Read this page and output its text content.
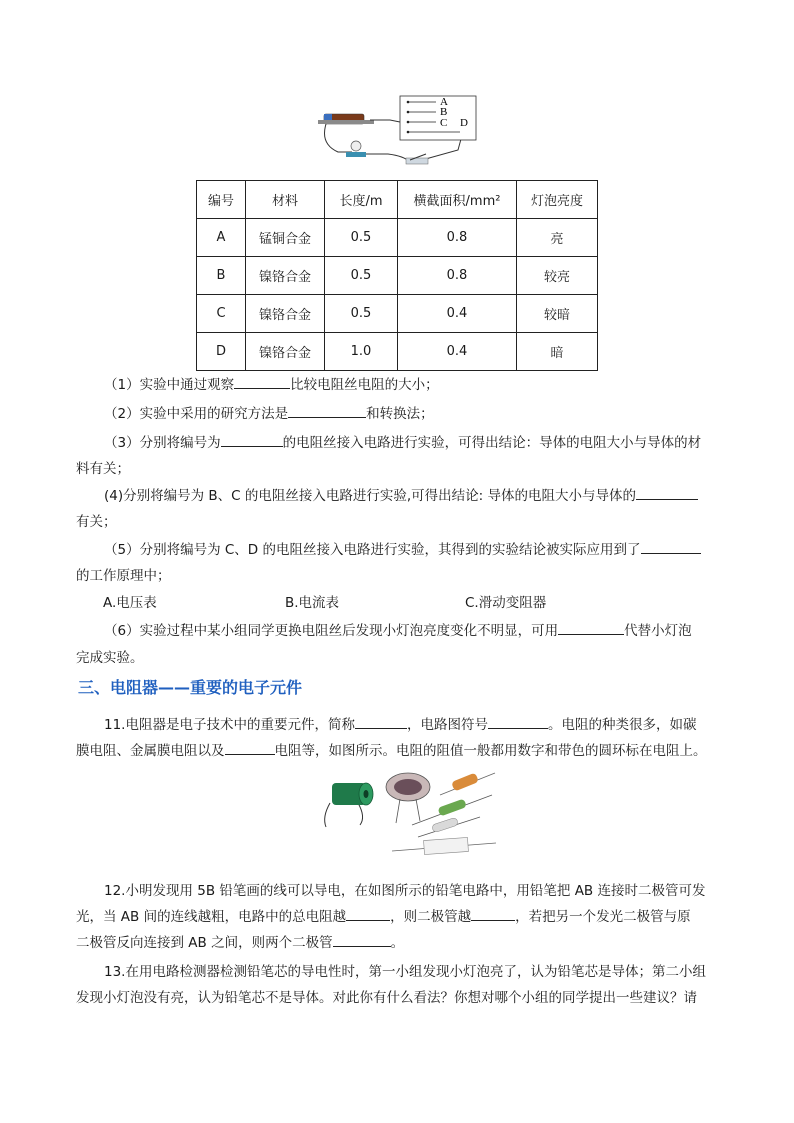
A
B
C D
编号	材料	长度/m	横截面积/mm²	灯泡亮度
A	锰铜合金	0.5	0.8	亮
B	镍铬合金	0.5	0.8	较亮
C	镍铬合金	0.5	0.4	较暗
D	镍铬合金	1.0	0.4	暗
（1）实验中通过观察	比较电阻丝电阻的大小；
（2）实验中采用的研究方法是	和转换法；
（3）分别将编号为	的电阻丝接入电路进行实验，可得出结论：导体的电阻大小与导体的材
料有关；
(4)分别将编号为 B、C 的电阻丝接入电路进行实验,可得出结论: 导体的电阻大小与导体的
有关；
（5）分别将编号为 C、D 的电阻丝接入电路进行实验，其得到的实验结论被实际应用到了
的工作原理中；
A.电压表	B.电流表	C.滑动变阻器
（6）实验过程中某小组同学更换电阻丝后发现小灯泡亮度变化不明显，可用	代替小灯泡
完成实验。
三、电阻器——重要的电子元件
11.电阻器是电子技术中的重要元件，简称	，电路图符号	。电阻的种类很多，如碳
膜电阻、金属膜电阻以及	电阻等，如图所示。电阻的阻值一般都用数字和带色的圆环标在电阻上。
12.小明发现用 5B 铅笔画的线可以导电，在如图所示的铅笔电路中，用铅笔把 AB 连接时二极管可发
光，当 AB 间的连线越粗，电路中的总电阻越	，则二极管越	，若把另一个发光二极管与原
二极管反向连接到 AB 之间，则两个二极管	。
13.在用电路检测器检测铅笔芯的导电性时，第一小组发现小灯泡亮了，认为铅笔芯是导体；第二小组
发现小灯泡没有亮，认为铅笔芯不是导体。对此你有什么看法？你想对哪个小组的同学提出一些建议？请
